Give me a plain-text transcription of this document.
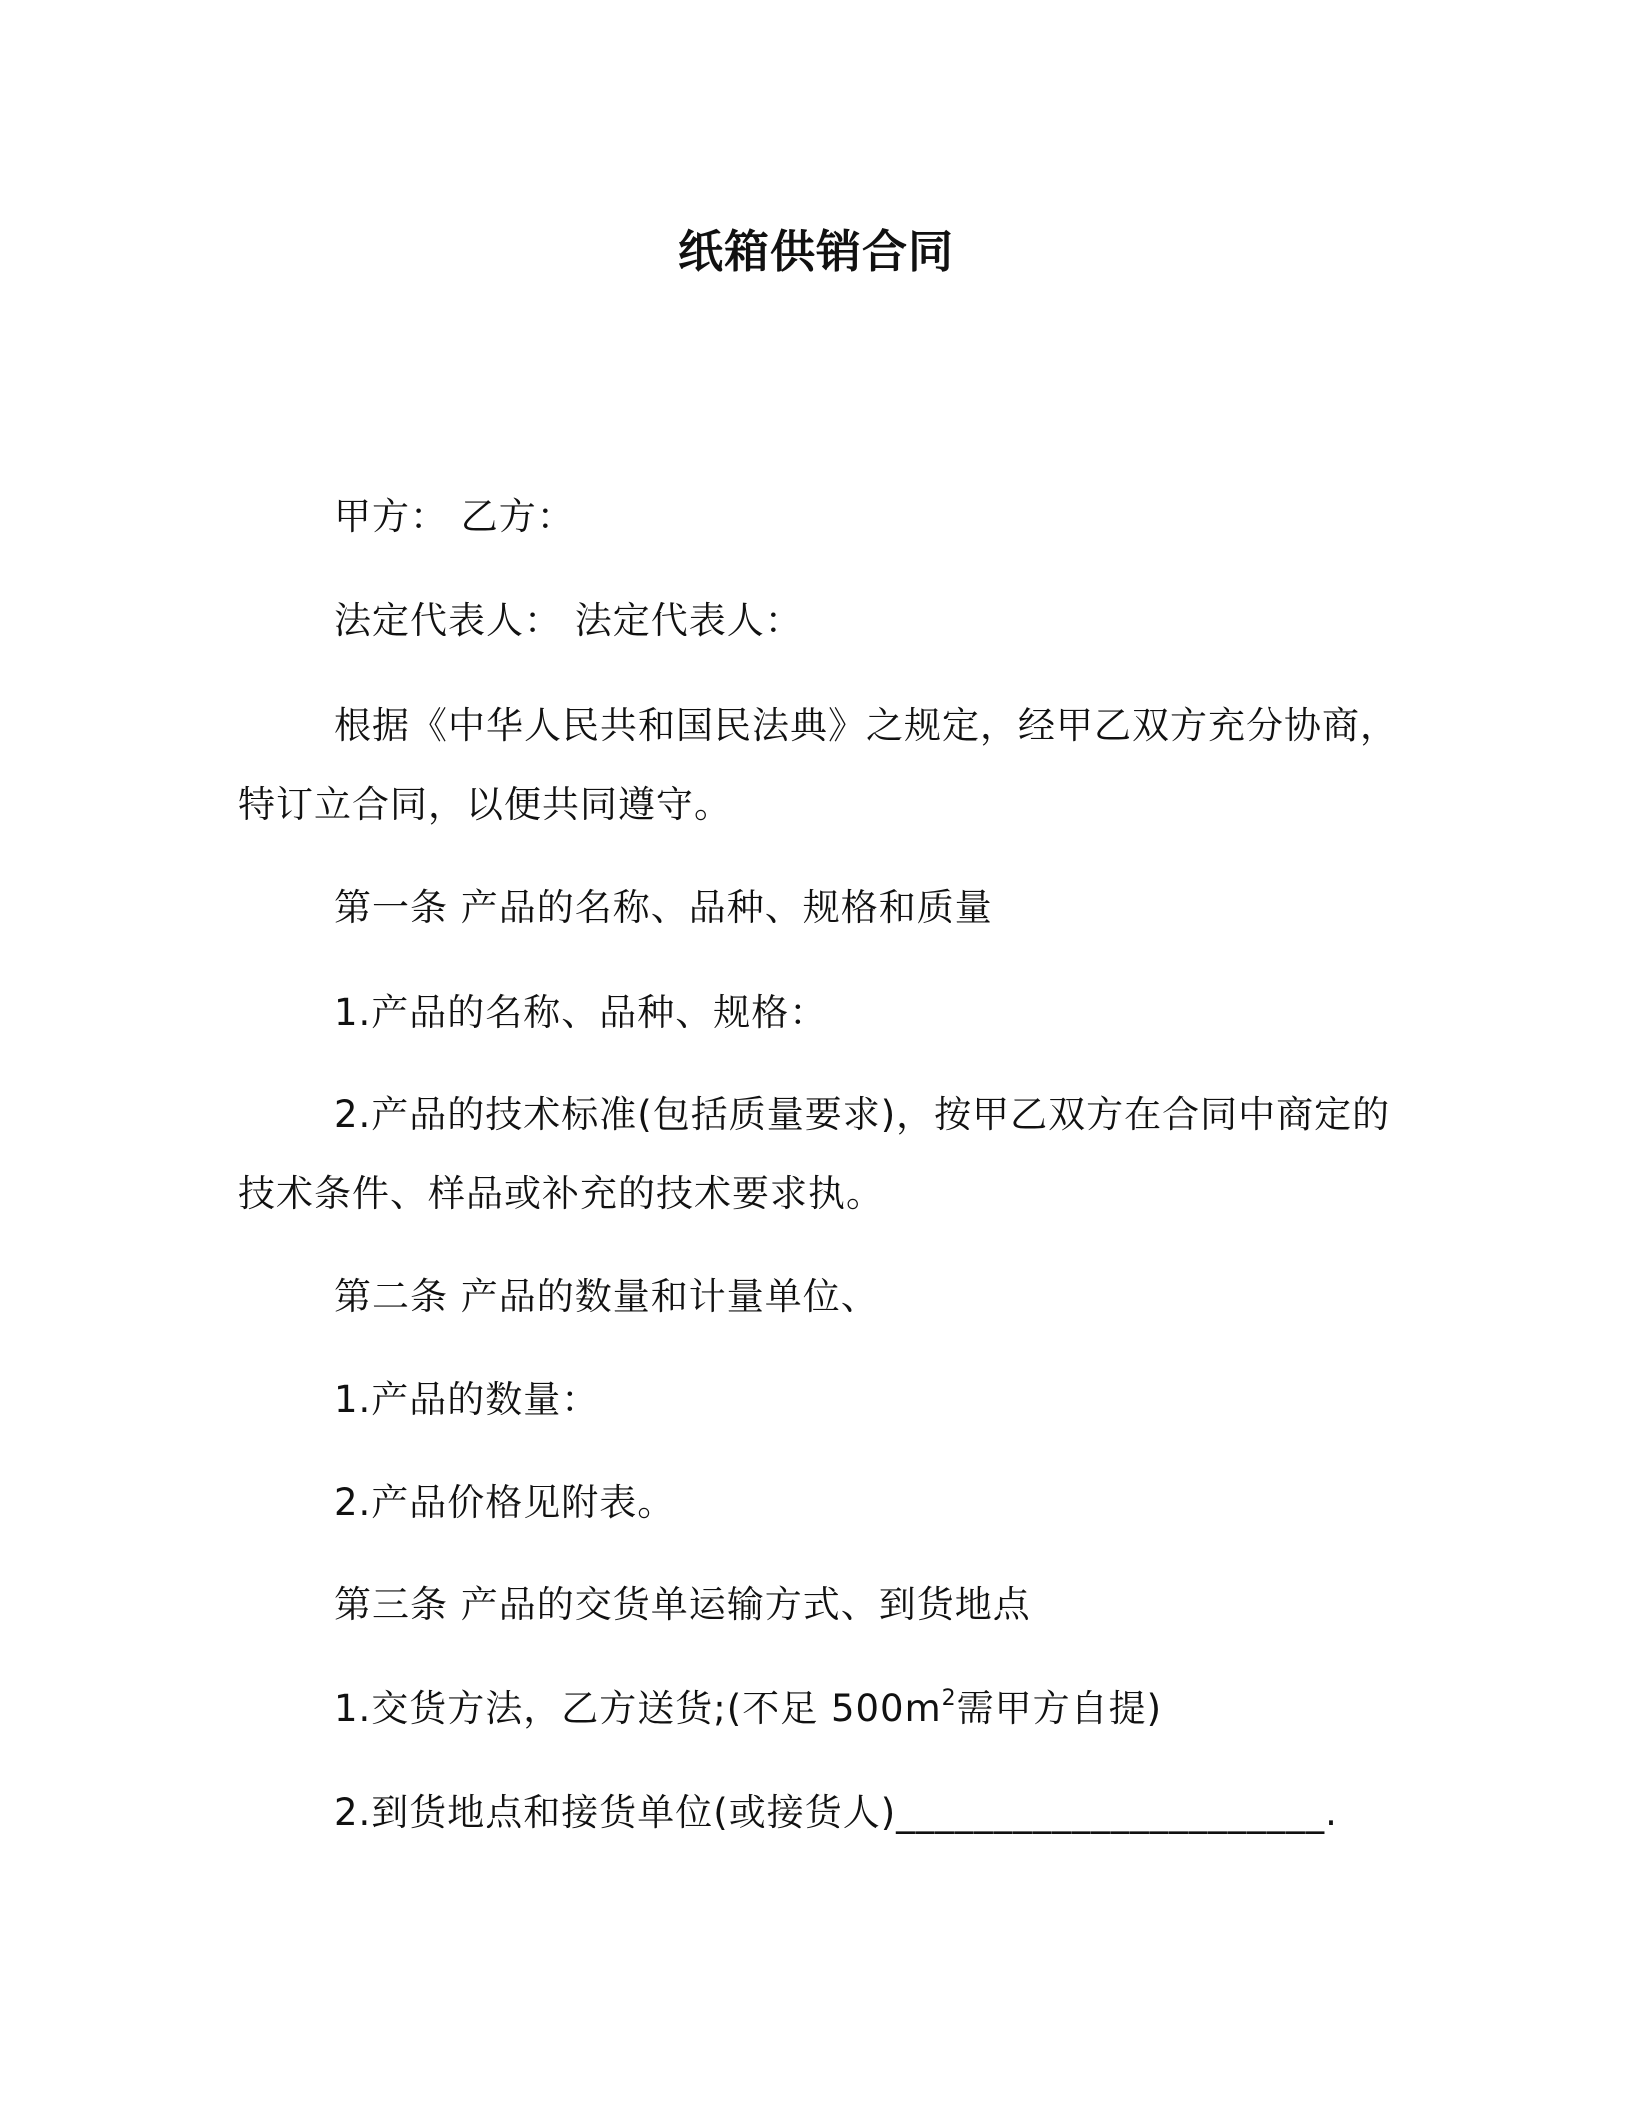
纸箱供销合同

甲方： 乙方：

法定代表人： 法定代表人：

根据《中华人民共和国民法典》之规定，经甲乙双方充分协商，

特订立合同，以便共同遵守。

第一条 产品的名称、品种、规格和质量

1.产品的名称、品种、规格：

2.产品的技术标准(包括质量要求)，按甲乙双方在合同中商定的

技术条件、样品或补充的技术要求执。

第二条 产品的数量和计量单位、

1.产品的数量：

2.产品价格见附表。

第三条 产品的交货单运输方式、到货地点

1.交货方法，乙方送货;(不足 $500m^2$需甲方自提)

2.到货地点和接货单位(或接货人)______________________.
